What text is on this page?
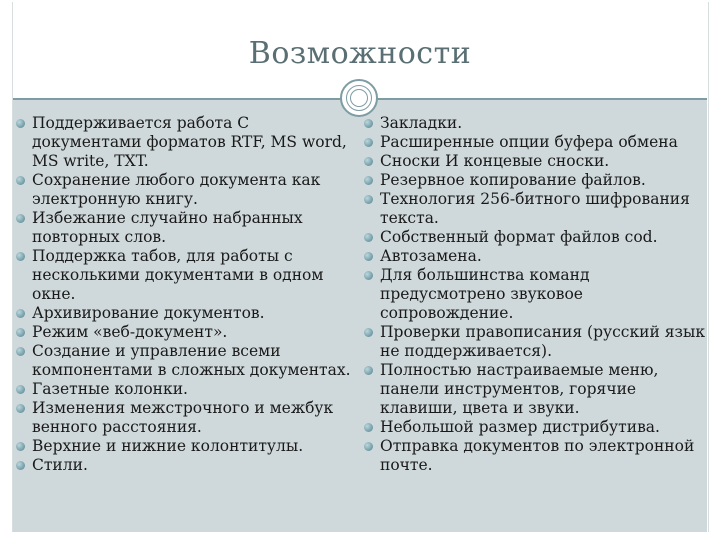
Возможности
Поддерживается работа С документами форматов RTF, MS word, MS write, TXT.
Сохранение любого документа как электронную книгу.
Избежание случайно набранных повторных слов.
Поддержка табов, для работы с несколькими документами в одном окне.
Архивирование документов.
Режим «веб-документ».
Создание и управление всеми компонентами в сложных документах.
Газетные колонки.
Изменения межстрочного и межбук венного расстояния.
Верхние и нижние колонтитулы.
Стили.
Закладки.
Расширенные опции буфера обмена
Сноски И концевые сноски.
Резервное копирование файлов.
Технология 256-битного шифрования текста.
Собственный формат файлов cod.
Автозамена.
Для большинства команд предусмотрено звуковое сопровождение.
Проверки правописания (русский язык не поддерживается).
Полностью настраиваемые меню, панели инструментов, горячие клавиши, цвета и звуки.
Небольшой размер дистрибутива.
Отправка документов по электронной почте.
